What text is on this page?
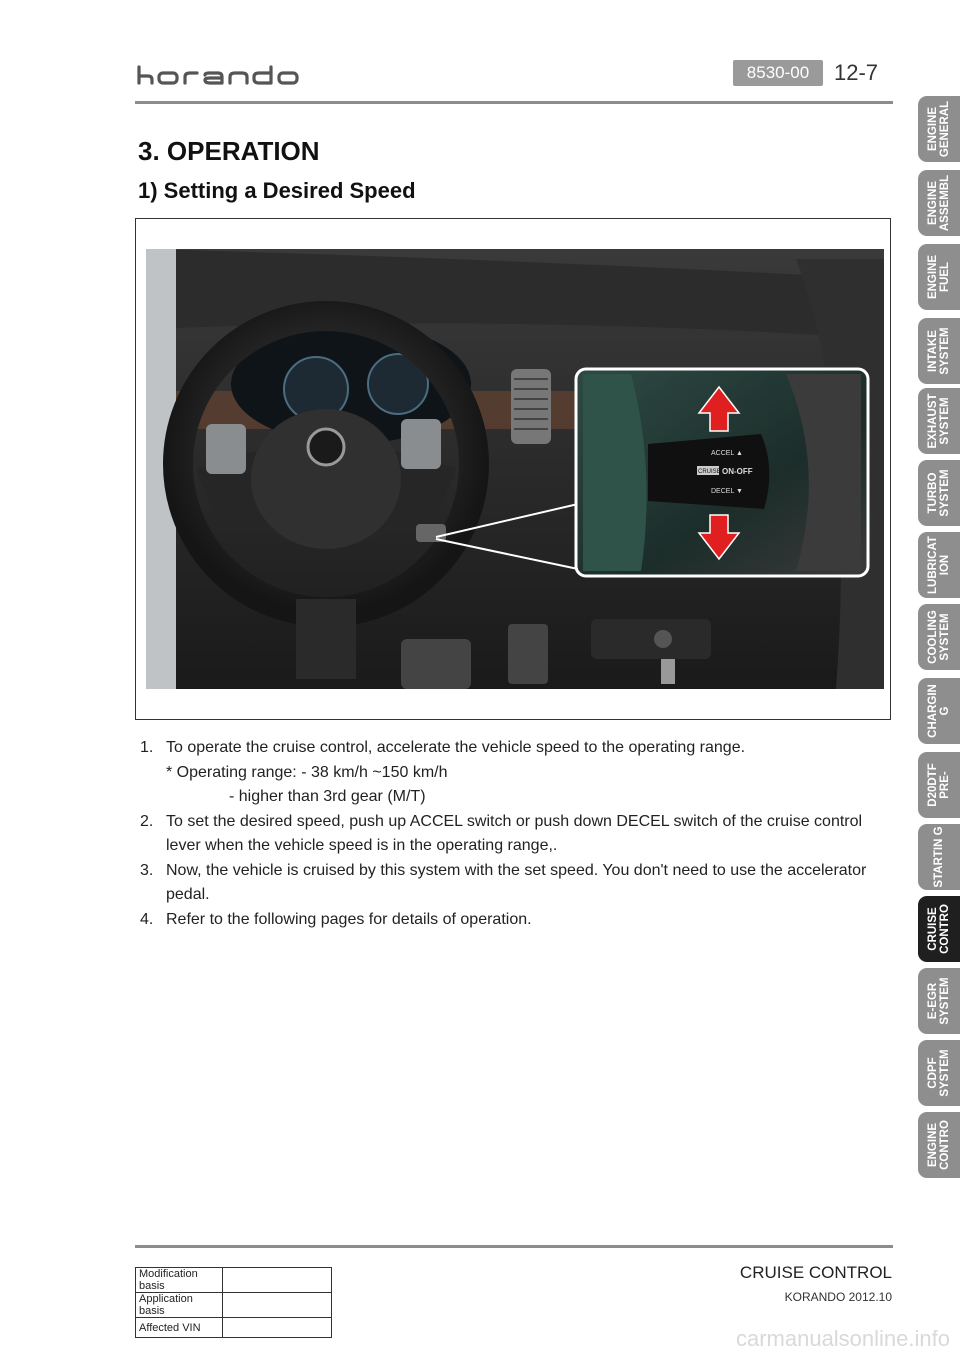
8530-00	12-7
3. OPERATION
1) Setting a Desired Speed
ACCEL ▲
CRUISE ON-OFF
DECEL ▼
1. To operate the cruise control, accelerate the vehicle speed to the operating range.
* Operating range: - 38 km/h ~150 km/h
- higher than 3rd gear (M/T)
2. To set the desired speed, push up ACCEL switch or push down DECEL switch of the cruise control lever when the vehicle speed is in the operating range,.
3. Now, the vehicle is cruised by this system with the set speed. You don't need to use the accelerator pedal.
4. Refer to the following pages for details of operation.
ENGINE GENERAL
ENGINE ASSEMBL
ENGINE FUEL
INTAKE SYSTEM
EXHAUST SYSTEM
TURBO SYSTEM
LUBRICAT ION
COOLING SYSTEM
CHARGIN G
D20DTF PRE-
STARTIN G
CRUISE CONTRO
E-EGR SYSTEM
CDPF SYSTEM
ENGINE CONTRO
Modification basis	
Application basis	
Affected VIN	
CRUISE CONTROL
KORANDO 2012.10
carmanualsonline.info
